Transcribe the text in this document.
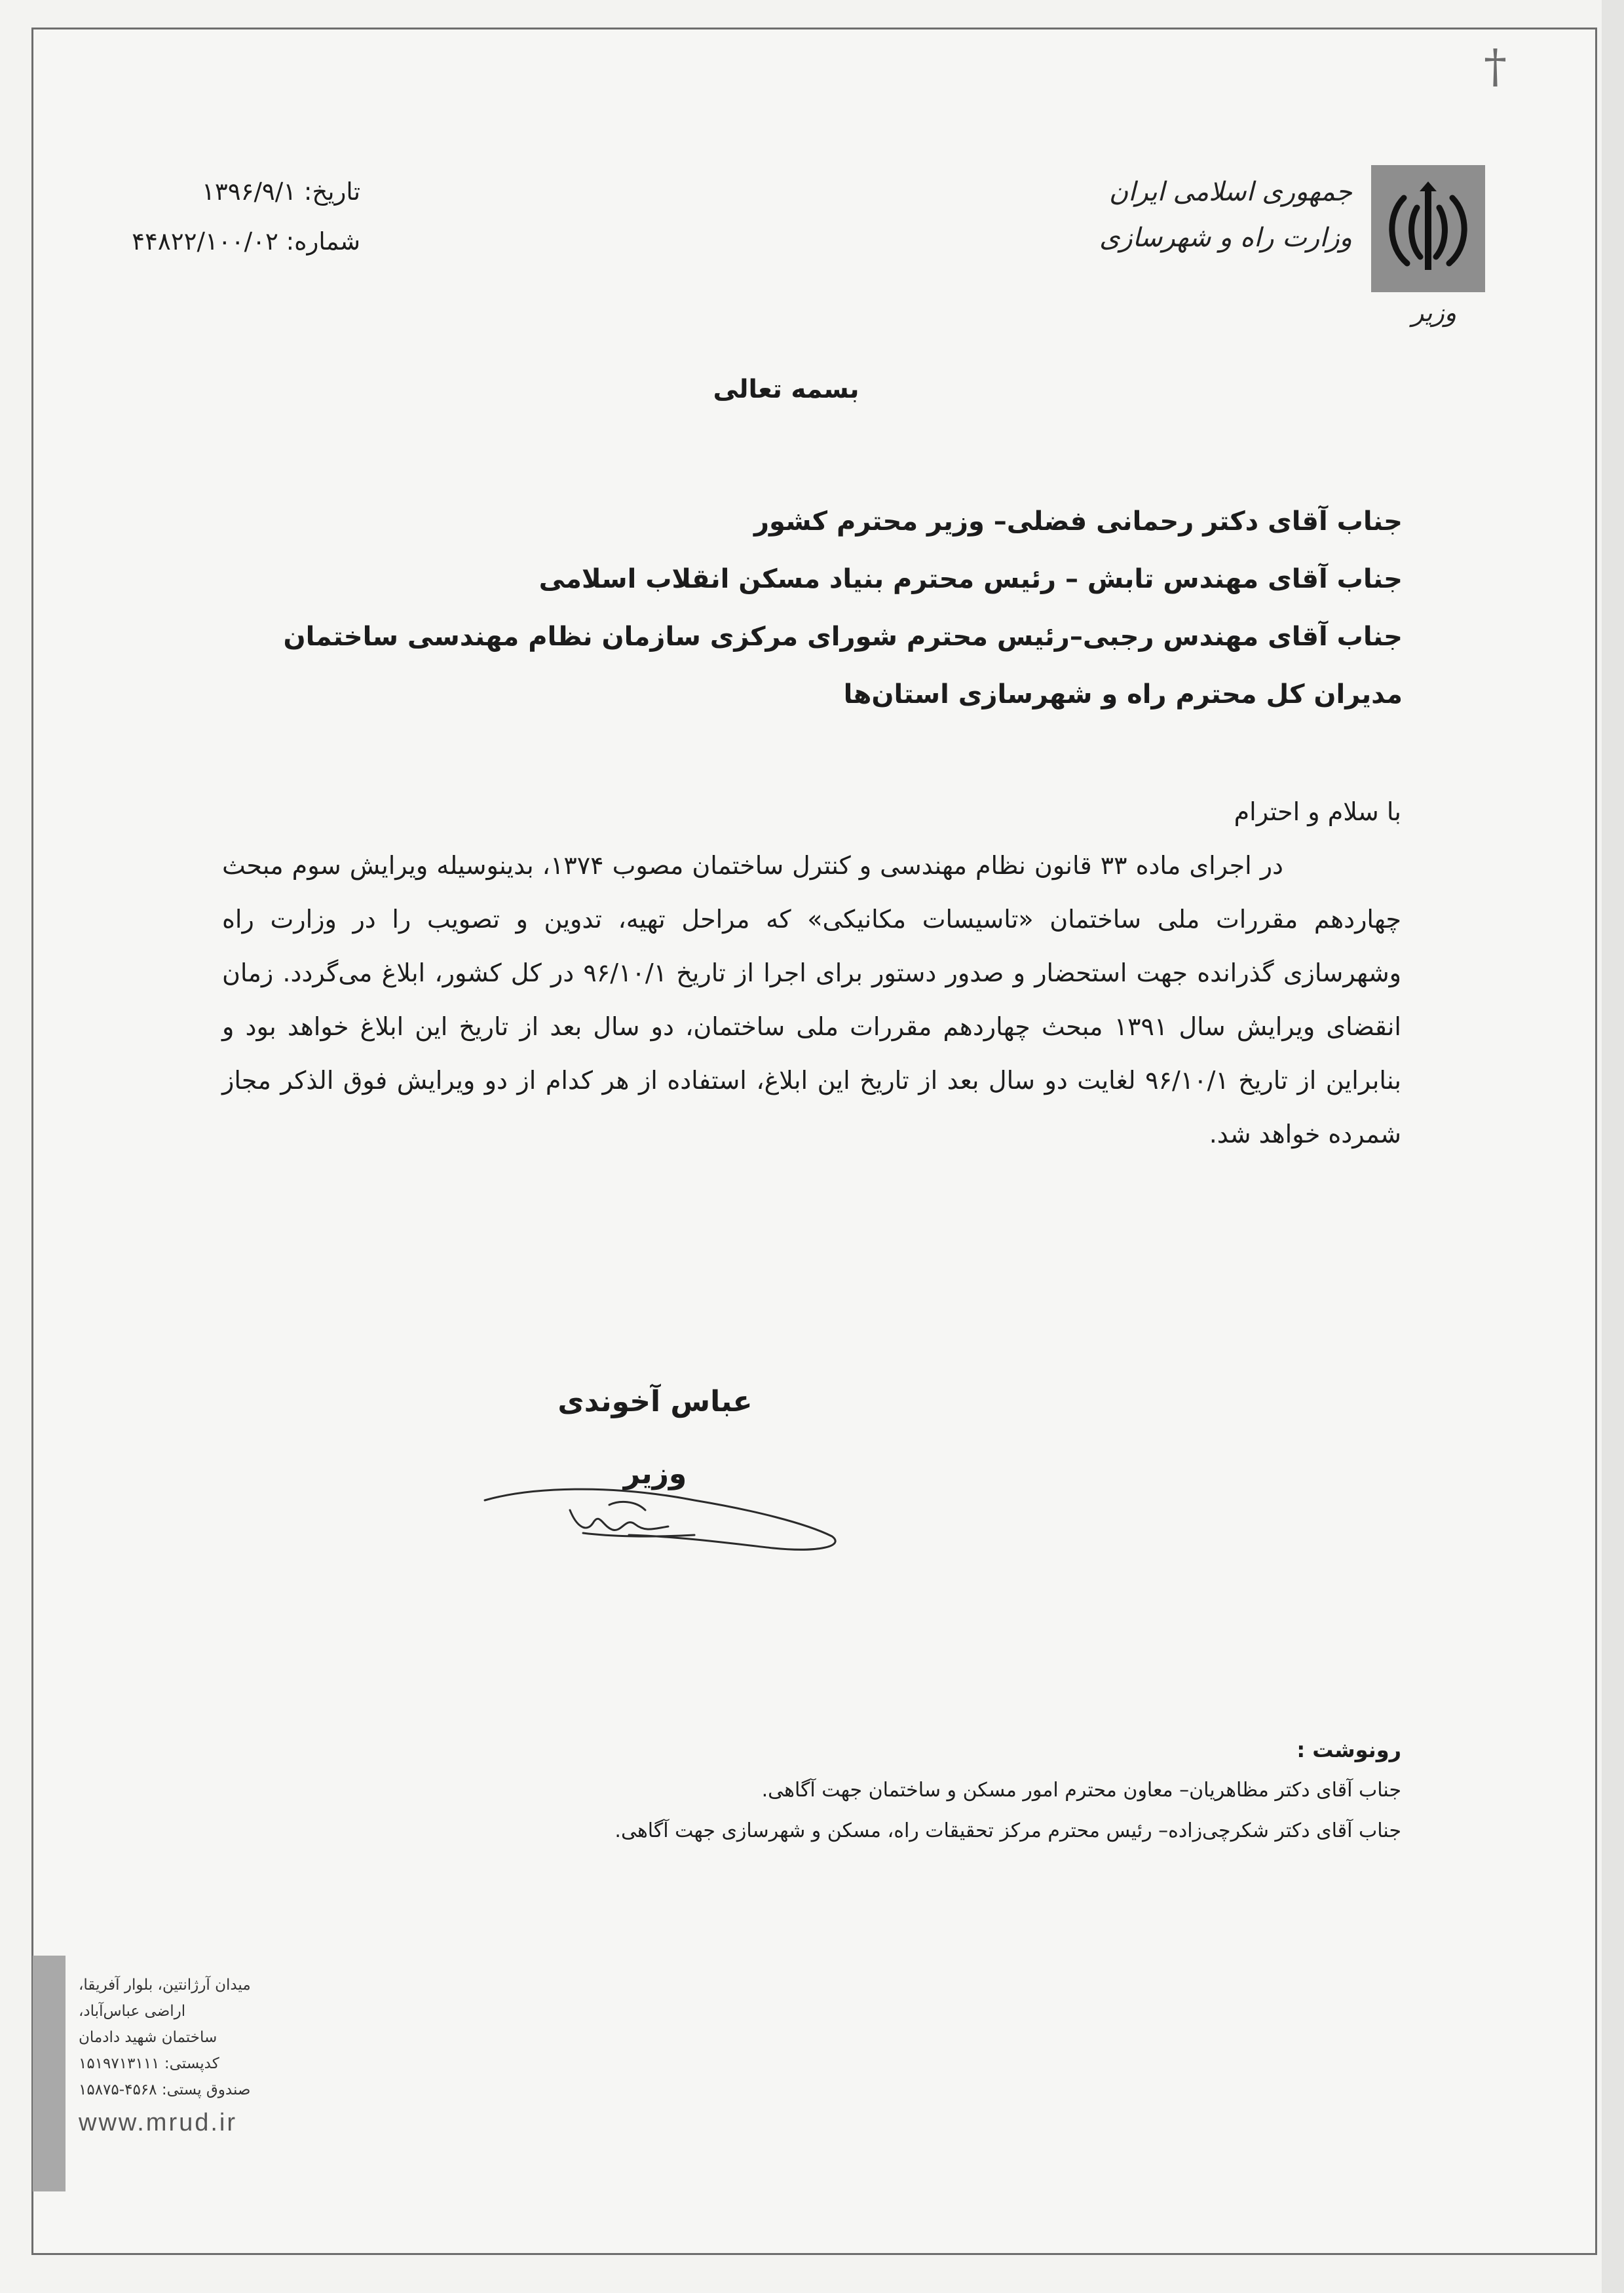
†
جمهوری اسلامی ایران
وزارت راه و شهرسازی
وزیر
تاریخ: ۱۳۹۶/۹/۱
شماره: ۴۴۸۲۲/۱۰۰/۰۲
بسمه تعالی
جناب آقای دکتر رحمانی فضلی– وزیر محترم کشور
جناب آقای مهندس تابش – رئیس محترم بنیاد مسکن انقلاب اسلامی
جناب آقای مهندس رجبی–رئیس محترم شورای مرکزی سازمان نظام مهندسی ساختمان
مدیران کل محترم راه و شهرسازی استان‌ها

با سلام و احترام

در اجرای ماده ۳۳ قانون نظام مهندسی و کنترل ساختمان مصوب ۱۳۷۴، بدینوسیله ویرایش سوم مبحث چهاردهم مقررات ملی ساختمان «تاسیسات مکانیکی» که مراحل تهیه، تدوین و تصویب را در وزارت راه وشهرسازی گذرانده جهت استحضار و صدور دستور برای اجرا از تاریخ ۹۶/۱۰/۱ در کل کشور، ابلاغ می‌گردد. زمان انقضای ویرایش سال ۱۳۹۱ مبحث چهاردهم مقررات ملی ساختمان، دو سال بعد از تاریخ این ابلاغ خواهد بود و بنابراین از تاریخ ۹۶/۱۰/۱ لغایت دو سال بعد از تاریخ این ابلاغ، استفاده از هر کدام از دو ویرایش فوق الذکر مجاز شمرده خواهد شد.

عباس آخوندی
وزیر
رونوشت :
جناب آقای دکتر مظاهریان– معاون محترم امور مسکن و ساختمان جهت آگاهی.
جناب آقای دکتر شکرچی‌زاده– رئیس محترم مرکز تحقیقات راه، مسکن و شهرسازی جهت آگاهی.
میدان آرژانتین، بلوار آفریقا،
اراضی عباس‌آباد،
ساختمان شهید دادمان
کدپستی: ۱۵۱۹۷۱۳۱۱۱
صندوق پستی: ۴۵۶۸-۱۵۸۷۵
www.mrud.ir
